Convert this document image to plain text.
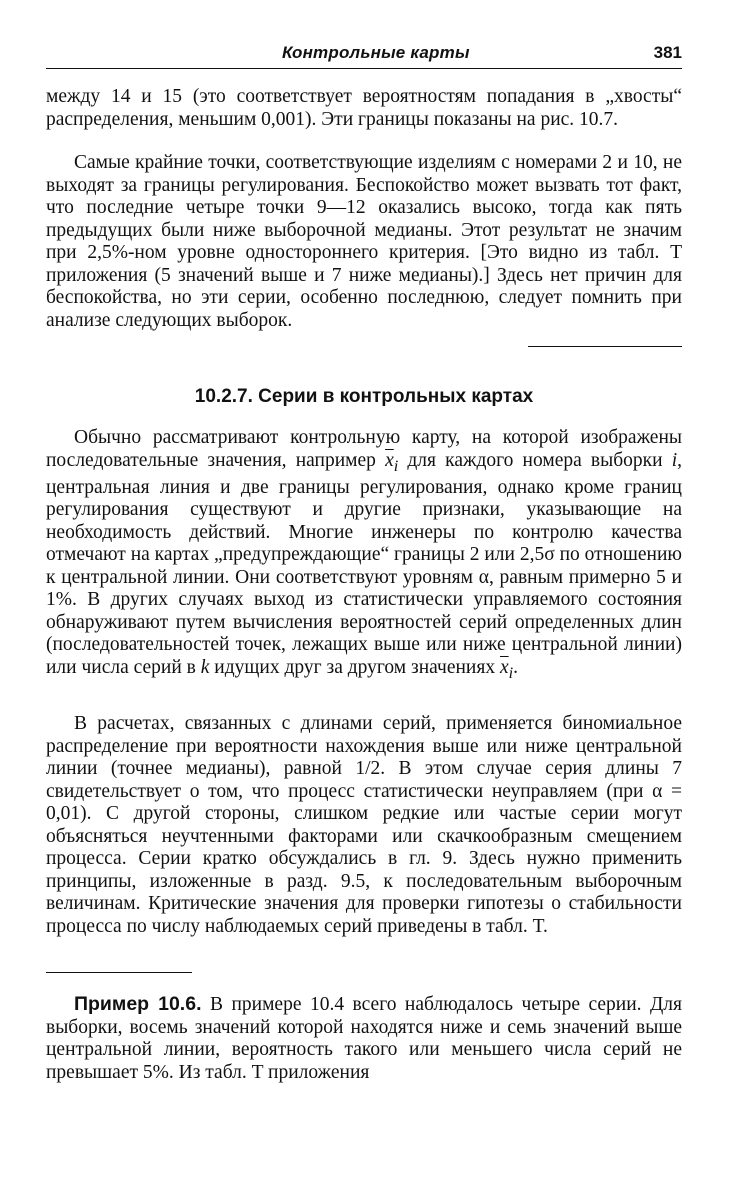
Контрольные карты	381

между 14 и 15 (это соответствует вероятностям попадания в „хвосты“ распределения, меньшим 0,001). Эти границы показаны на рис. 10.7.

Самые крайние точки, соответствующие изделиям с номерами 2 и 10, не выходят за границы регулирования. Беспокойство может вызвать тот факт, что последние четыре точки 9—12 оказались высоко, тогда как пять предыдущих были ниже выборочной медианы. Этот результат не значим при 2,5%-ном уровне одностороннего критерия. [Это видно из табл. T приложения (5 значений выше и 7 ниже медианы).] Здесь нет причин для беспокойства, но эти серии, особенно последнюю, следует помнить при анализе следующих выборок.

10.2.7. Серии в контрольных картах

Обычно рассматривают контрольную карту, на которой изображены последовательные значения, например $\overline{x}_i$ для каждого номера выборки i, центральная линия и две границы регулирования, однако кроме границ регулирования существуют и другие признаки, указывающие на необходимость действий. Многие инженеры по контролю качества отмечают на картах „предупреждающие“ границы 2 или 2,5σ по отношению к центральной линии. Они соответствуют уровням α, равным примерно 5 и 1%. В других случаях выход из статистически управляемого состояния обнаруживают путем вычисления вероятностей серий определенных длин (последовательностей точек, лежащих выше или ниже центральной линии) или числа серий в k идущих друг за другом значениях $\overline{x}_i$.

В расчетах, связанных с длинами серий, применяется биномиальное распределение при вероятности нахождения выше или ниже центральной линии (точнее медианы), равной 1/2. В этом случае серия длины 7 свидетельствует о том, что процесс статистически неуправляем (при α = 0,01). С другой стороны, слишком редкие или частые серии могут объясняться неучтенными факторами или скачкообразным смещением процесса. Серии кратко обсуждались в гл. 9. Здесь нужно применить принципы, изложенные в разд. 9.5, к последовательным выборочным величинам. Критические значения для проверки гипотезы о стабильности процесса по числу наблюдаемых серий приведены в табл. T.

Пример 10.6. В примере 10.4 всего наблюдалось четыре серии. Для выборки, восемь значений которой находятся ниже и семь значений выше центральной линии, вероятность такого или меньшего числа серий не превышает 5%. Из табл. T приложения
